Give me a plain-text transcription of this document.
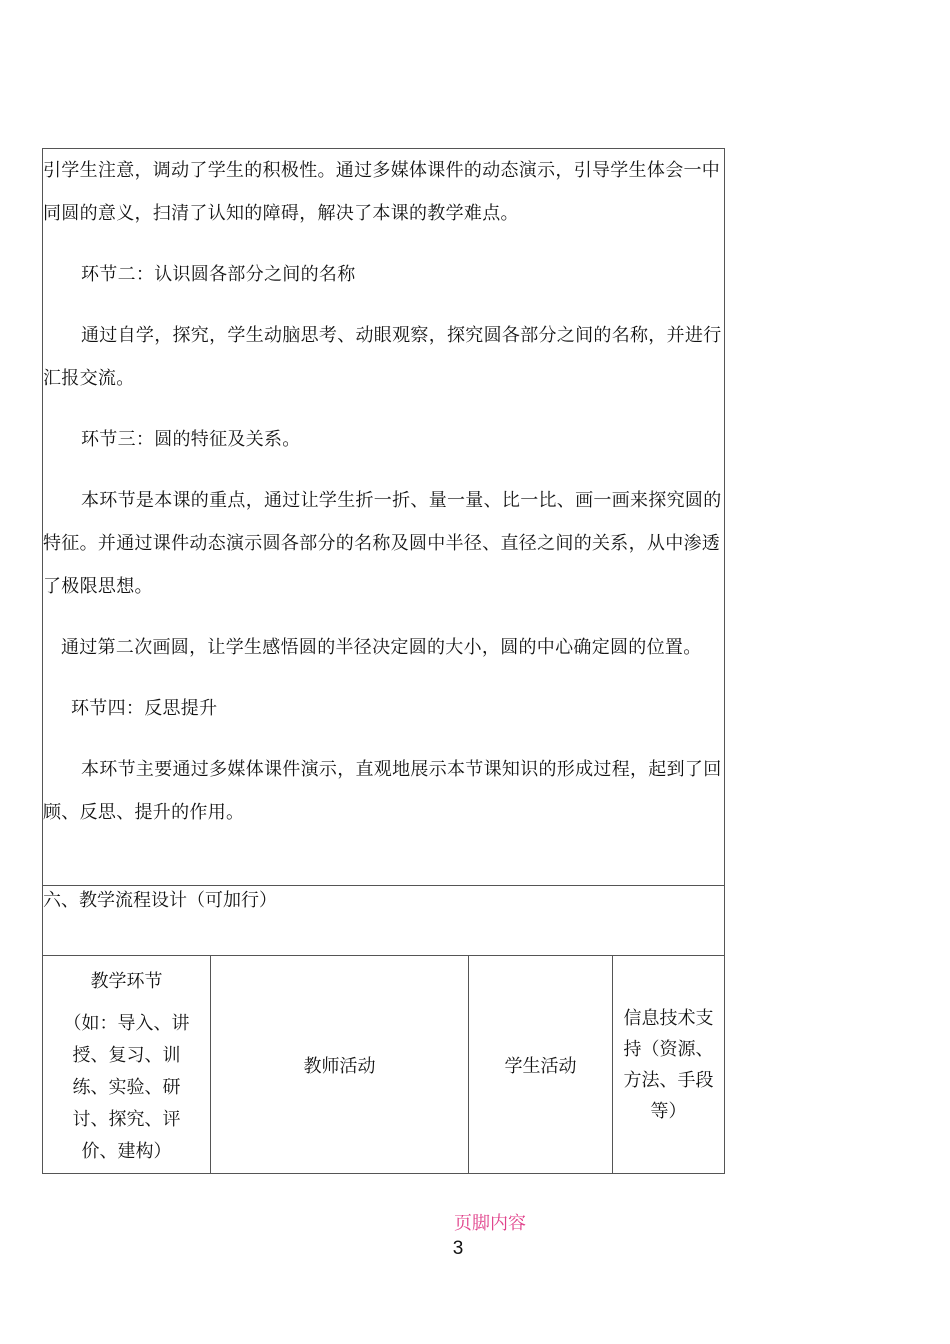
引学生注意，调动了学生的积极性。通过多媒体课件的动态演示，引导学生体会一中同圆的意义，扫清了认知的障碍，解决了本课的教学难点。

环节二：认识圆各部分之间的名称

通过自学，探究，学生动脑思考、动眼观察，探究圆各部分之间的名称，并进行汇报交流。

环节三：圆的特征及关系。

本环节是本课的重点，通过让学生折一折、量一量、比一比、画一画来探究圆的特征。并通过课件动态演示圆各部分的名称及圆中半径、直径之间的关系，从中渗透了极限思想。

通过第二次画圆，让学生感悟圆的半径决定圆的大小，圆的中心确定圆的位置。

环节四：反思提升

本环节主要通过多媒体课件演示，直观地展示本节课知识的形成过程，起到了回顾、反思、提升的作用。

六、教学流程设计（可加行）

教学环节
（如：导入、讲授、复习、训练、实验、研讨、探究、评价、建构）
	教师活动	学生活动	信息技术支持（资源、方法、手段等）
页脚内容
3
